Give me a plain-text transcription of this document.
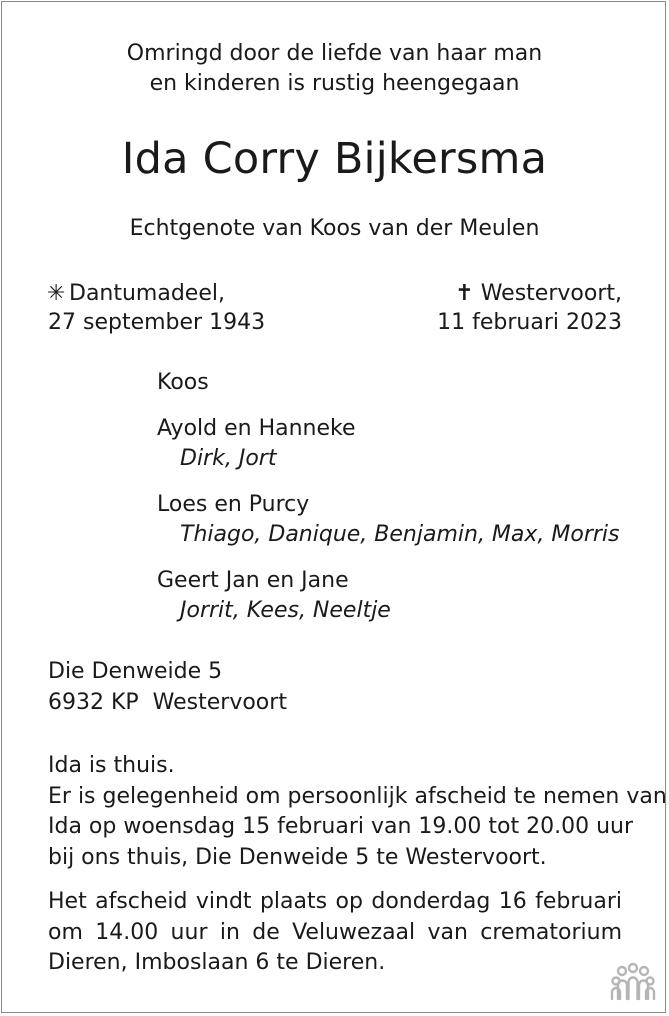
Omringd door de liefde van haar man
en kinderen is rustig heengegaan
Ida Corry Bijkersma
Echtgenote van Koos van der Meulen
✳ Dantumadeel,
27 september 1943
✝ Westervoort,
11 februari 2023
Koos
Ayold en Hanneke
Dirk, Jort
Loes en Purcy
Thiago, Danique, Benjamin, Max, Morris
Geert Jan en Jane
Jorrit, Kees, Neeltje
Die Denweide 5
6932 KP  Westervoort
Ida is thuis.
Er is gelegenheid om persoonlijk afscheid te nemen van
Ida op woensdag 15 februari van 19.00 tot 20.00 uur
bij ons thuis, Die Denweide 5 te Westervoort.
Het afscheid vindt plaats op donderdag 16 februari
om 14.00 uur in de Veluwezaal van crematorium
Dieren, Imboslaan 6 te Dieren.
